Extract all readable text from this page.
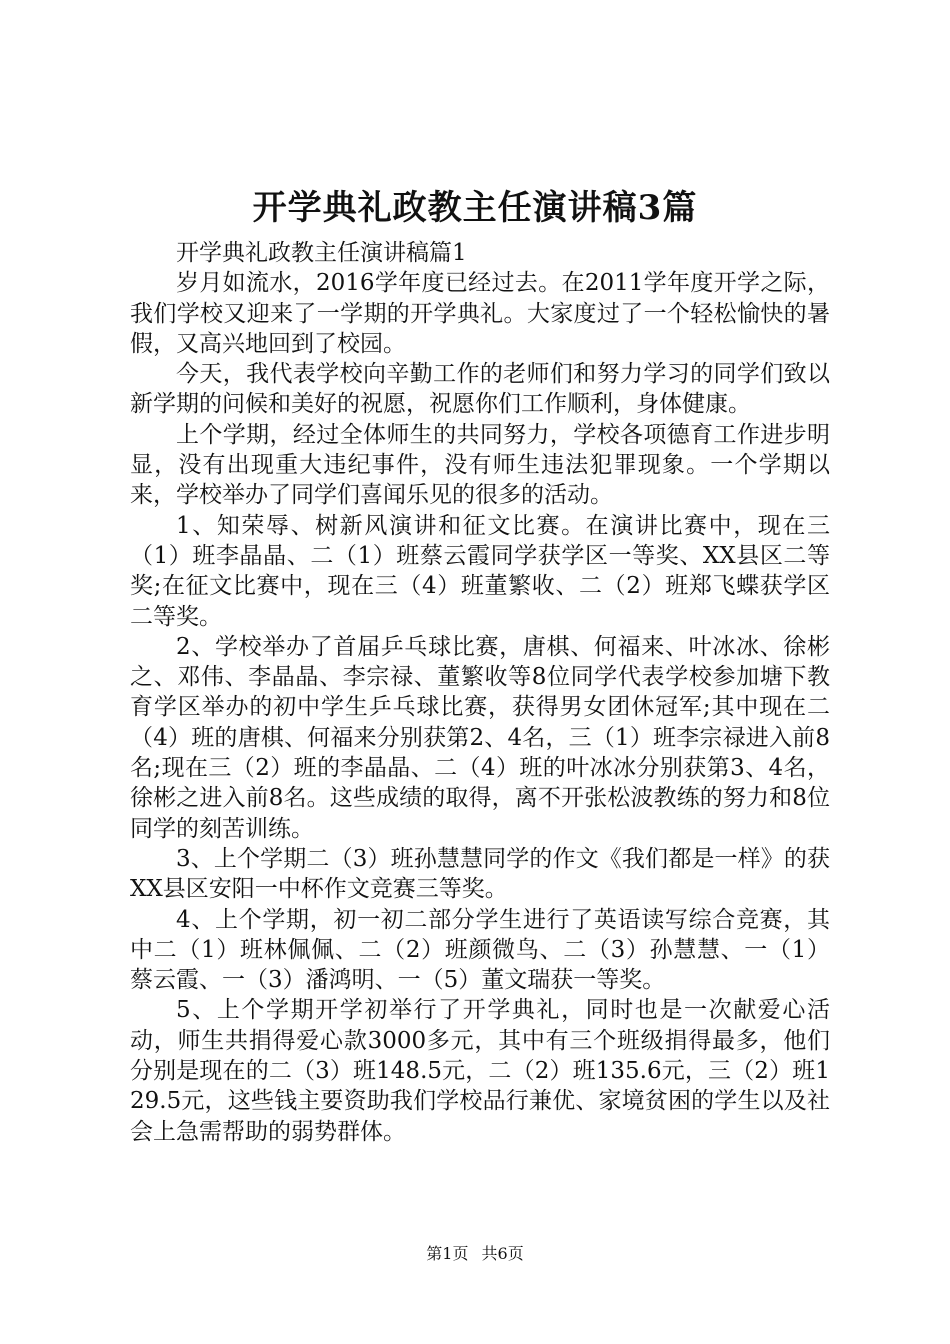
开学典礼政教主任演讲稿3篇

开学典礼政教主任演讲稿篇1

岁月如流水，2016学年度已经过去。在2011学年度开学之际，我们学校又迎来了一学期的开学典礼。大家度过了一个轻松愉快的暑假，又高兴地回到了校园。

今天，我代表学校向辛勤工作的老师们和努力学习的同学们致以新学期的问候和美好的祝愿，祝愿你们工作顺利，身体健康。

上个学期，经过全体师生的共同努力，学校各项德育工作进步明显，没有出现重大违纪事件，没有师生违法犯罪现象。一个学期以来，学校举办了同学们喜闻乐见的很多的活动。

1、知荣辱、树新风演讲和征文比赛。在演讲比赛中，现在三（1）班李晶晶、二（1）班蔡云霞同学获学区一等奖、XX县区二等奖;在征文比赛中，现在三（4）班董繁收、二（2）班郑飞蝶获学区二等奖。

2、学校举办了首届乒乓球比赛，唐棋、何福来、叶冰冰、徐彬之、邓伟、李晶晶、李宗禄、董繁收等8位同学代表学校参加塘下教育学区举办的初中学生乒乓球比赛，获得男女团休冠军;其中现在二（4）班的唐棋、何福来分别获第2、4名，三（1）班李宗禄进入前8名;现在三（2）班的李晶晶、二（4）班的叶冰冰分别获第3、4名，徐彬之进入前8名。这些成绩的取得，离不开张松波教练的努力和8位同学的刻苦训练。

3、上个学期二（3）班孙慧慧同学的作文《我们都是一样》的获XX县区安阳一中杯作文竞赛三等奖。

4、上个学期，初一初二部分学生进行了英语读写综合竞赛，其中二（1）班林佩佩、二（2）班颜微鸟、二（3）孙慧慧、一（1）蔡云霞、一（3）潘鸿明、一（5）董文瑞获一等奖。

5、上个学期开学初举行了开学典礼，同时也是一次献爱心活动，师生共捐得爱心款3000多元，其中有三个班级捐得最多，他们分别是现在的二（3）班148.5元，二（2）班135.6元，三（2）班129.5元，这些钱主要资助我们学校品行兼优、家境贫困的学生以及社会上急需帮助的弱势群体。

第1页 共6页
